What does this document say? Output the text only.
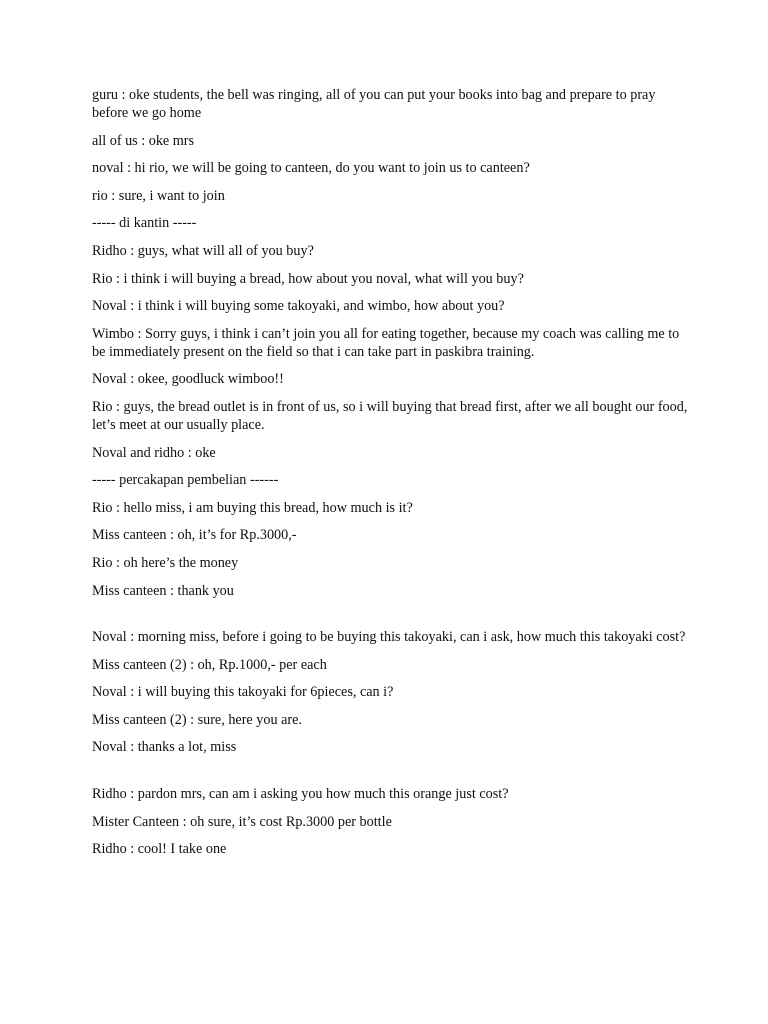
guru : oke students, the bell was ringing, all of you can put your books into bag and prepare to pray before we go home

all of us : oke mrs

noval : hi rio, we will be going to canteen, do you want to join us to canteen?

rio : sure, i want to join

----- di kantin -----

Ridho : guys, what will all of you buy?

Rio : i think i will buying a bread, how about you noval, what will you buy?

Noval : i think i will buying some takoyaki, and wimbo, how about you?

Wimbo : Sorry guys, i think i can’t join you all for eating together, because my coach was calling me to be immediately present on the field so that i can take part in paskibra training.

Noval : okee, goodluck wimboo!!

Rio : guys, the bread outlet is in front of us, so i will buying that bread first, after we all bought our food, let’s meet at our usually place.

Noval and ridho : oke

----- percakapan pembelian ------

Rio : hello miss, i am buying this bread, how much is it?

Miss canteen : oh, it’s for Rp.3000,-

Rio : oh here’s the money

Miss canteen : thank you

Noval : morning miss, before i going to be buying this takoyaki, can i ask, how much this takoyaki cost?

Miss canteen (2) : oh, Rp.1000,- per each

Noval : i will buying this takoyaki for 6pieces, can i?

Miss canteen (2) : sure, here you are.

Noval : thanks a lot, miss

Ridho : pardon mrs, can am i asking you how much this orange just cost?

Mister Canteen : oh sure, it’s cost Rp.3000 per bottle

Ridho : cool! I take one
